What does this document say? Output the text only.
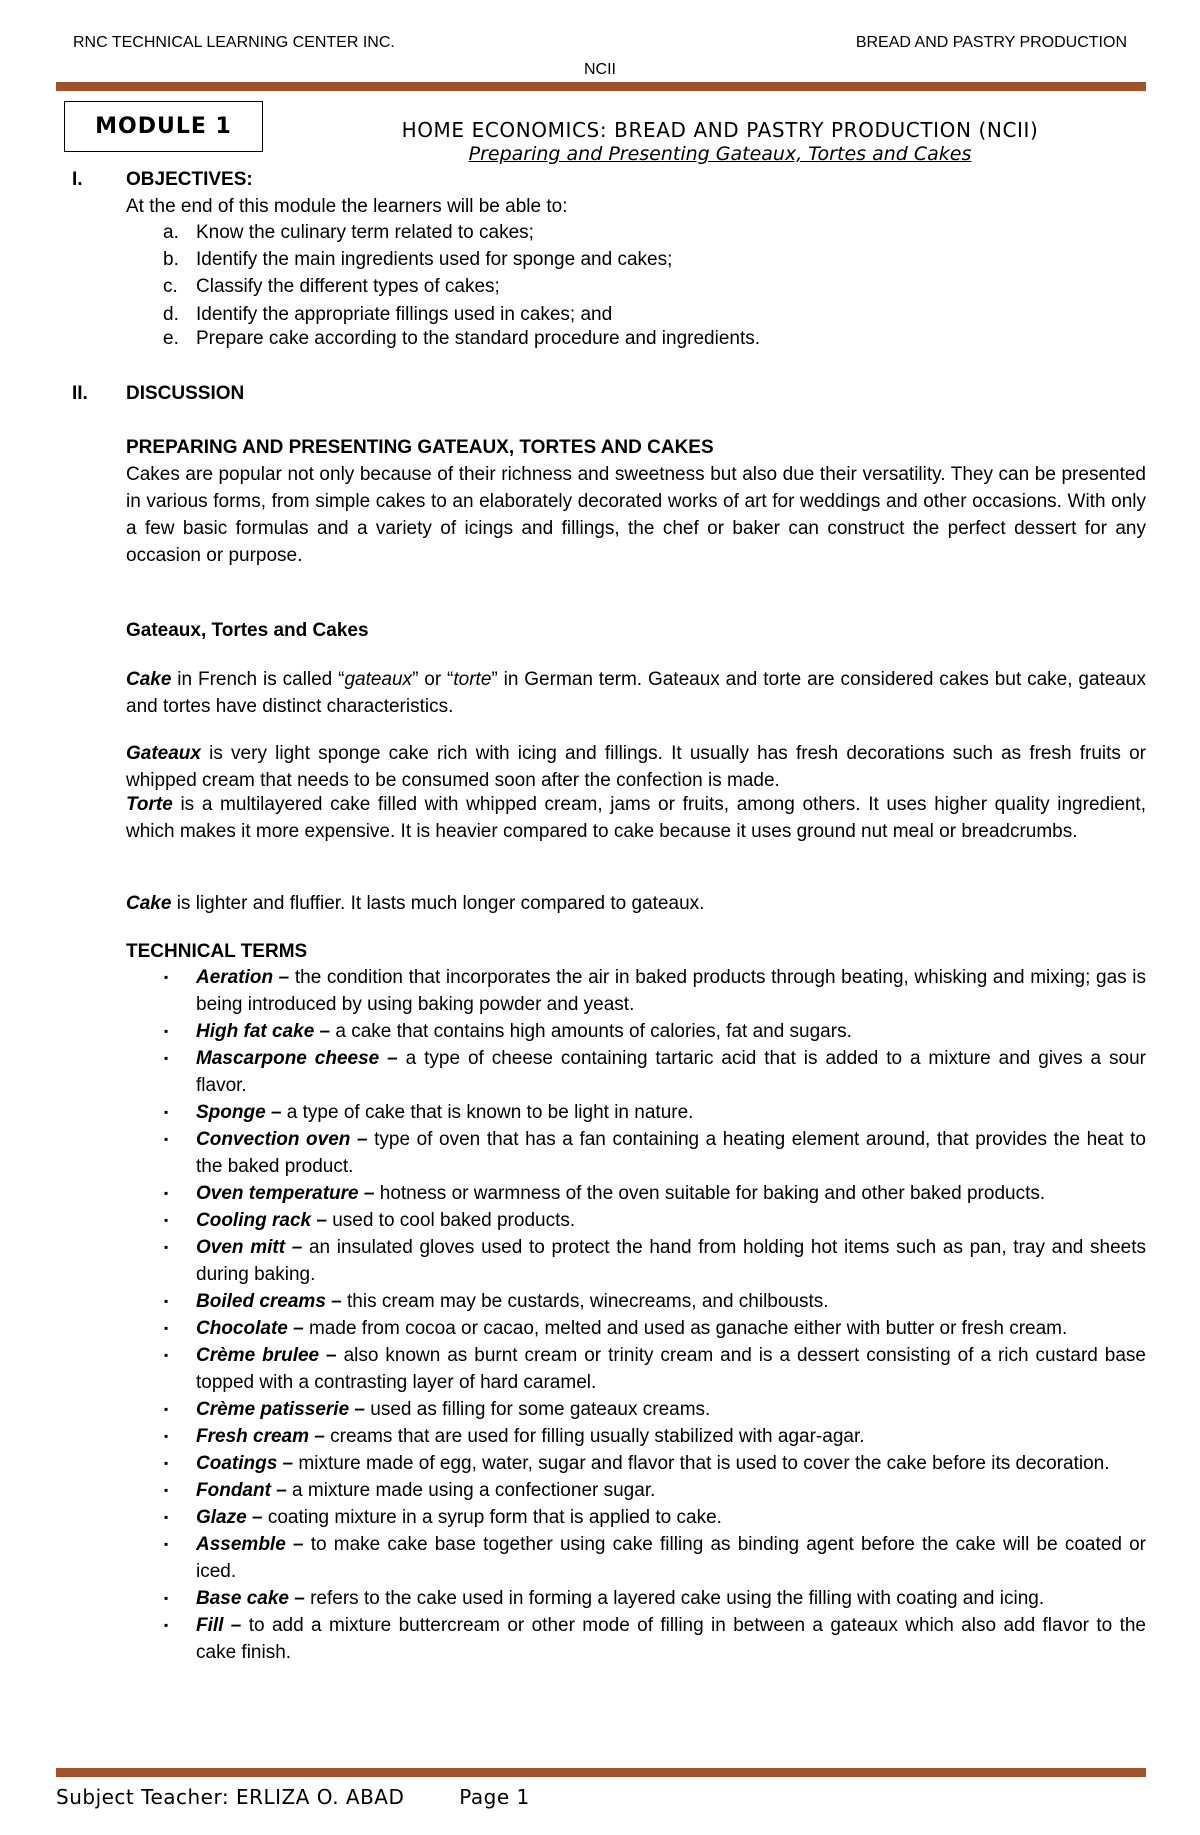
RNC TECHNICAL LEARNING CENTER INC.	BREAD AND PASTRY PRODUCTION
NCII
MODULE 1	HOME ECONOMICS: BREAD AND PASTRY PRODUCTION (NCII)
Preparing and Presenting Gateaux, Tortes and Cakes
I. OBJECTIVES:
At the end of this module the learners will be able to:
a. Know the culinary term related to cakes;
b. Identify the main ingredients used for sponge and cakes;
c. Classify the different types of cakes;
d. Identify the appropriate fillings used in cakes; and
e. Prepare cake according to the standard procedure and ingredients.
II. DISCUSSION
PREPARING AND PRESENTING GATEAUX, TORTES AND CAKES
Cakes are popular not only because of their richness and sweetness but also due their versatility. They can be presented in various forms, from simple cakes to an elaborately decorated works of art for weddings and other occasions. With only a few basic formulas and a variety of icings and fillings, the chef or baker can construct the perfect dessert for any occasion or purpose.
Gateaux, Tortes and Cakes
Cake in French is called “gateaux” or “torte” in German term. Gateaux and torte are considered cakes but cake, gateaux and tortes have distinct characteristics.
Gateaux is very light sponge cake rich with icing and fillings. It usually has fresh decorations such as fresh fruits or whipped cream that needs to be consumed soon after the confection is made.
Torte is a multilayered cake filled with whipped cream, jams or fruits, among others. It uses higher quality ingredient, which makes it more expensive. It is heavier compared to cake because it uses ground nut meal or breadcrumbs.
Cake is lighter and fluffier. It lasts much longer compared to gateaux.
TECHNICAL TERMS
▪ Aeration – the condition that incorporates the air in baked products through beating, whisking and mixing; gas is being introduced by using baking powder and yeast.
▪ High fat cake – a cake that contains high amounts of calories, fat and sugars.
▪ Mascarpone cheese – a type of cheese containing tartaric acid that is added to a mixture and gives a sour flavor.
▪ Sponge – a type of cake that is known to be light in nature.
▪ Convection oven – type of oven that has a fan containing a heating element around, that provides the heat to the baked product.
▪ Oven temperature – hotness or warmness of the oven suitable for baking and other baked products.
▪ Cooling rack – used to cool baked products.
▪ Oven mitt – an insulated gloves used to protect the hand from holding hot items such as pan, tray and sheets during baking.
▪ Boiled creams – this cream may be custards, winecreams, and chilbousts.
▪ Chocolate – made from cocoa or cacao, melted and used as ganache either with butter or fresh cream.
▪ Crème brulee – also known as burnt cream or trinity cream and is a dessert consisting of a rich custard base topped with a contrasting layer of hard caramel.
▪ Crème patisserie – used as filling for some gateaux creams.
▪ Fresh cream – creams that are used for filling usually stabilized with agar-agar.
▪ Coatings – mixture made of egg, water, sugar and flavor that is used to cover the cake before its decoration.
▪ Fondant – a mixture made using a confectioner sugar.
▪ Glaze – coating mixture in a syrup form that is applied to cake.
▪ Assemble – to make cake base together using cake filling as binding agent before the cake will be coated or iced.
▪ Base cake – refers to the cake used in forming a layered cake using the filling with coating and icing.
▪ Fill – to add a mixture buttercream or other mode of filling in between a gateaux which also add flavor to the cake finish.
Subject Teacher: ERLIZA O. ABAD	Page 1
